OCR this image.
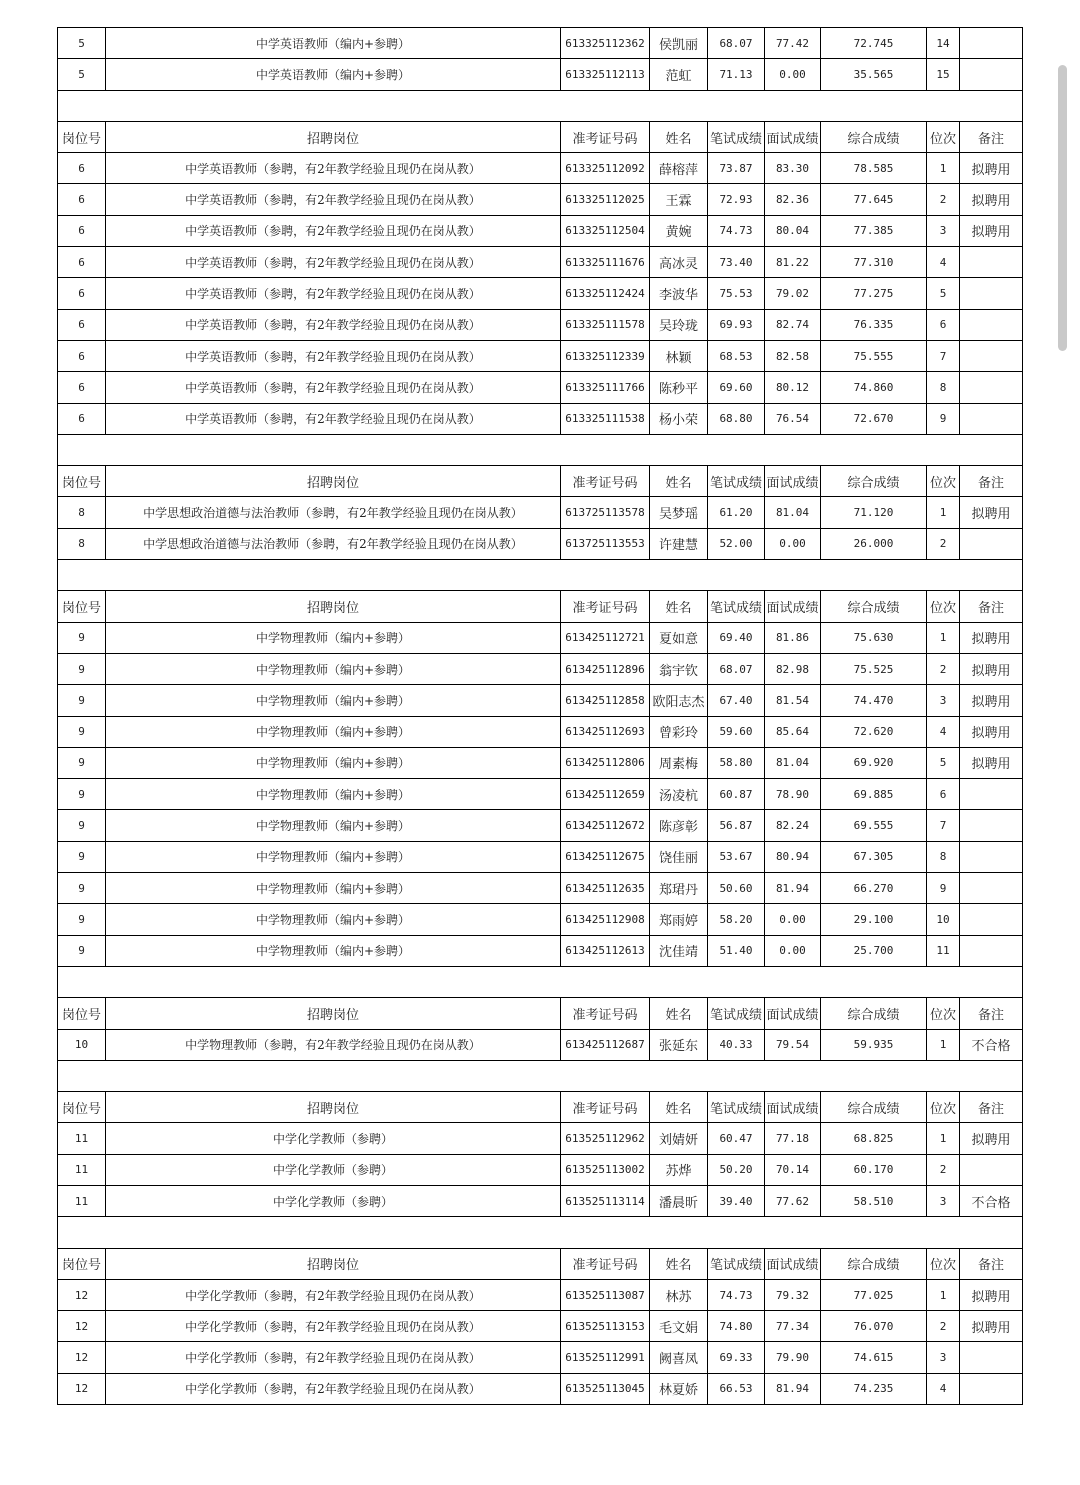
5	中学英语教师（编内+参聘）	613325112362	侯凯丽	68.07	77.42	72.745	14	
5	中学英语教师（编内+参聘）	613325112113	范虹	71.13	0.00	35.565	15	

岗位号	招聘岗位	准考证号码	姓名	笔试成绩	面试成绩	综合成绩	位次	备注
6	中学英语教师（参聘，有2年教学经验且现仍在岗从教）	613325112092	薛榕萍	73.87	83.30	78.585	1	拟聘用
6	中学英语教师（参聘，有2年教学经验且现仍在岗从教）	613325112025	王霖	72.93	82.36	77.645	2	拟聘用
6	中学英语教师（参聘，有2年教学经验且现仍在岗从教）	613325112504	黄婉	74.73	80.04	77.385	3	拟聘用
6	中学英语教师（参聘，有2年教学经验且现仍在岗从教）	613325111676	高冰灵	73.40	81.22	77.310	4	
6	中学英语教师（参聘，有2年教学经验且现仍在岗从教）	613325112424	李波华	75.53	79.02	77.275	5	
6	中学英语教师（参聘，有2年教学经验且现仍在岗从教）	613325111578	吴玲珑	69.93	82.74	76.335	6	
6	中学英语教师（参聘，有2年教学经验且现仍在岗从教）	613325112339	林颖	68.53	82.58	75.555	7	
6	中学英语教师（参聘，有2年教学经验且现仍在岗从教）	613325111766	陈秒平	69.60	80.12	74.860	8	
6	中学英语教师（参聘，有2年教学经验且现仍在岗从教）	613325111538	杨小荣	68.80	76.54	72.670	9	

岗位号	招聘岗位	准考证号码	姓名	笔试成绩	面试成绩	综合成绩	位次	备注
8	中学思想政治道德与法治教师（参聘，有2年教学经验且现仍在岗从教）	613725113578	吴梦瑶	61.20	81.04	71.120	1	拟聘用
8	中学思想政治道德与法治教师（参聘，有2年教学经验且现仍在岗从教）	613725113553	许建慧	52.00	0.00	26.000	2	

岗位号	招聘岗位	准考证号码	姓名	笔试成绩	面试成绩	综合成绩	位次	备注
9	中学物理教师（编内+参聘）	613425112721	夏如意	69.40	81.86	75.630	1	拟聘用
9	中学物理教师（编内+参聘）	613425112896	翁宇钦	68.07	82.98	75.525	2	拟聘用
9	中学物理教师（编内+参聘）	613425112858	欧阳志杰	67.40	81.54	74.470	3	拟聘用
9	中学物理教师（编内+参聘）	613425112693	曾彩玲	59.60	85.64	72.620	4	拟聘用
9	中学物理教师（编内+参聘）	613425112806	周素梅	58.80	81.04	69.920	5	拟聘用
9	中学物理教师（编内+参聘）	613425112659	汤凌杭	60.87	78.90	69.885	6	
9	中学物理教师（编内+参聘）	613425112672	陈彦彰	56.87	82.24	69.555	7	
9	中学物理教师（编内+参聘）	613425112675	饶佳丽	53.67	80.94	67.305	8	
9	中学物理教师（编内+参聘）	613425112635	郑珺丹	50.60	81.94	66.270	9	
9	中学物理教师（编内+参聘）	613425112908	郑雨婷	58.20	0.00	29.100	10	
9	中学物理教师（编内+参聘）	613425112613	沈佳靖	51.40	0.00	25.700	11	

岗位号	招聘岗位	准考证号码	姓名	笔试成绩	面试成绩	综合成绩	位次	备注
10	中学物理教师（参聘，有2年教学经验且现仍在岗从教）	613425112687	张延东	40.33	79.54	59.935	1	不合格

岗位号	招聘岗位	准考证号码	姓名	笔试成绩	面试成绩	综合成绩	位次	备注
11	中学化学教师（参聘）	613525112962	刘婧妍	60.47	77.18	68.825	1	拟聘用
11	中学化学教师（参聘）	613525113002	苏烨	50.20	70.14	60.170	2	
11	中学化学教师（参聘）	613525113114	潘晨昕	39.40	77.62	58.510	3	不合格

岗位号	招聘岗位	准考证号码	姓名	笔试成绩	面试成绩	综合成绩	位次	备注
12	中学化学教师（参聘，有2年教学经验且现仍在岗从教）	613525113087	林苏	74.73	79.32	77.025	1	拟聘用
12	中学化学教师（参聘，有2年教学经验且现仍在岗从教）	613525113153	毛文娟	74.80	77.34	76.070	2	拟聘用
12	中学化学教师（参聘，有2年教学经验且现仍在岗从教）	613525112991	阙喜凤	69.33	79.90	74.615	3	
12	中学化学教师（参聘，有2年教学经验且现仍在岗从教）	613525113045	林夏娇	66.53	81.94	74.235	4	
